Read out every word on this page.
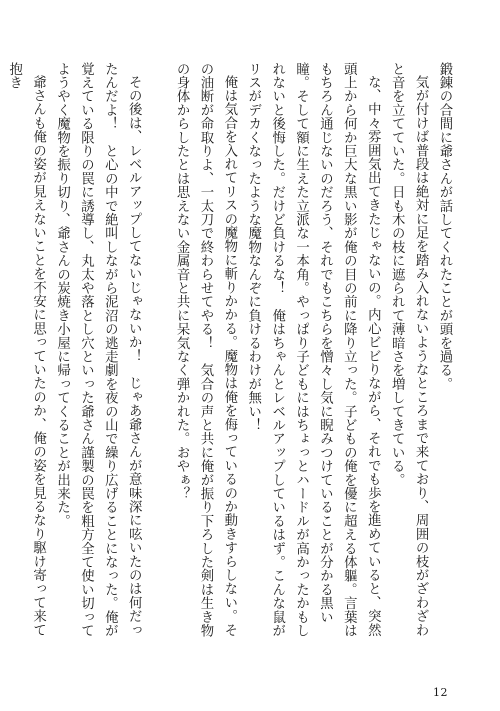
鍛錬の合間に爺さんが話してくれたことが頭を過る。

気が付けば普段は絶対に足を踏み入れないようなところまで来ており、周囲の枝がざわざわと音を立てていた。日も木の枝に遮られて薄暗さを増してきている。

な、中々雰囲気出てきたじゃないの。内心ビビりながら、それでも歩を進めていると、突然頭上から何か巨大な黒い影が俺の目の前に降り立った。子どもの俺を優に超える体軀。言葉はもちろん通じないのだろう、それでもこちらを憎々し気に睨みつけていることが分かる黒い瞳。そして額に生えた立派な一本角。やっぱり子どもにはちょっとハードルが高かったかもしれないと後悔した。だけど負けるな！　俺はちゃんとレベルアップしているはず。こんな鼠がリスがデカくなったような魔物なんぞに負けるわけが無い！

俺は気合を入れてリスの魔物に斬りかかる。魔物は俺を侮っているのか動きすらしない。その油断が命取りよ、一太刀で終わらせてやる！　気合の声と共に俺が振り下ろした剣は生き物の身体からしたとは思えない金属音と共に呆気なく弾かれた。おやぁ？

その後は、レベルアップしてないじゃないか！　じゃあ爺さんが意味深に呟いたのは何だったんだよ！　と心の中で絶叫しながら泥沼の逃走劇を夜の山で繰り広げることになった。俺が覚えている限りの罠に誘導し、丸太や落とし穴といった爺さん謹製の罠を粗方全て使い切ってようやく魔物を振り切り、爺さんの炭焼き小屋に帰ってくることが出来た。

爺さんも俺の姿が見えないことを不安に思っていたのか、俺の姿を見るなり駆け寄って来て抱き

12
